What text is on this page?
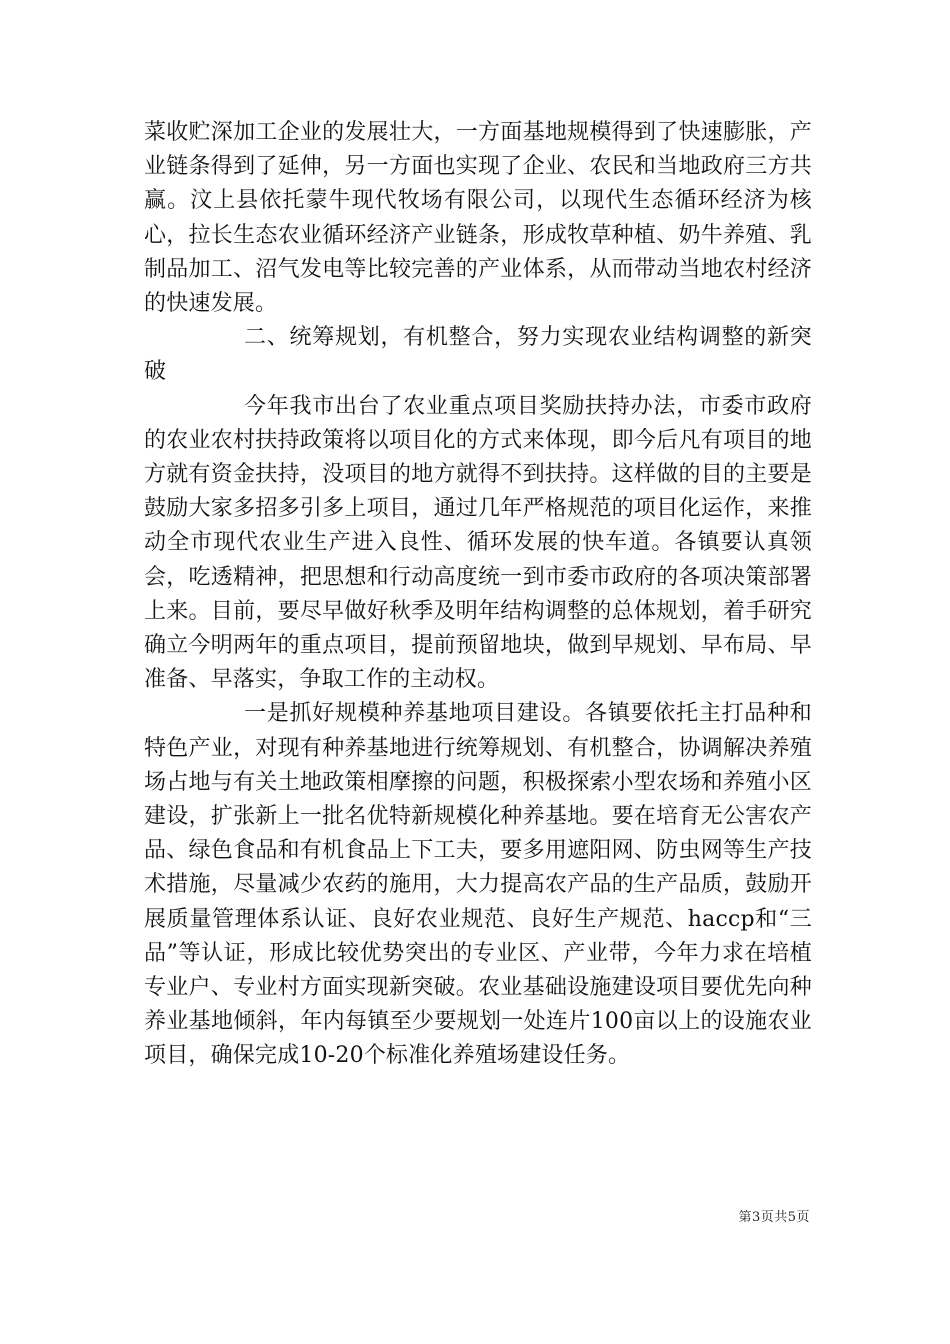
菜收贮深加工企业的发展壮大，一方面基地规模得到了快速膨胀，产业链条得到了延伸，另一方面也实现了企业、农民和当地政府三方共赢。汶上县依托蒙牛现代牧场有限公司，以现代生态循环经济为核心，拉长生态农业循环经济产业链条，形成牧草种植、奶牛养殖、乳制品加工、沼气发电等比较完善的产业体系，从而带动当地农村经济的快速发展。

二、统筹规划，有机整合，努力实现农业结构调整的新突破

今年我市出台了农业重点项目奖励扶持办法，市委市政府的农业农村扶持政策将以项目化的方式来体现，即今后凡有项目的地方就有资金扶持，没项目的地方就得不到扶持。这样做的目的主要是鼓励大家多招多引多上项目，通过几年严格规范的项目化运作，来推动全市现代农业生产进入良性、循环发展的快车道。各镇要认真领会，吃透精神，把思想和行动高度统一到市委市政府的各项决策部署上来。目前，要尽早做好秋季及明年结构调整的总体规划，着手研究确立今明两年的重点项目，提前预留地块，做到早规划、早布局、早准备、早落实，争取工作的主动权。

一是抓好规模种养基地项目建设。各镇要依托主打品种和特色产业，对现有种养基地进行统筹规划、有机整合，协调解决养殖场占地与有关土地政策相摩擦的问题，积极探索小型农场和养殖小区建设，扩张新上一批名优特新规模化种养基地。要在培育无公害农产品、绿色食品和有机食品上下工夫，要多用遮阳网、防虫网等生产技术措施，尽量减少农药的施用，大力提高农产品的生产品质，鼓励开展质量管理体系认证、良好农业规范、良好生产规范、haccp和“三品”等认证，形成比较优势突出的专业区、产业带，今年力求在培植专业户、专业村方面实现新突破。农业基础设施建设项目要优先向种养业基地倾斜，年内每镇至少要规划一处连片100亩以上的设施农业项目，确保完成10-20个标准化养殖场建设任务。

第3页共5页
